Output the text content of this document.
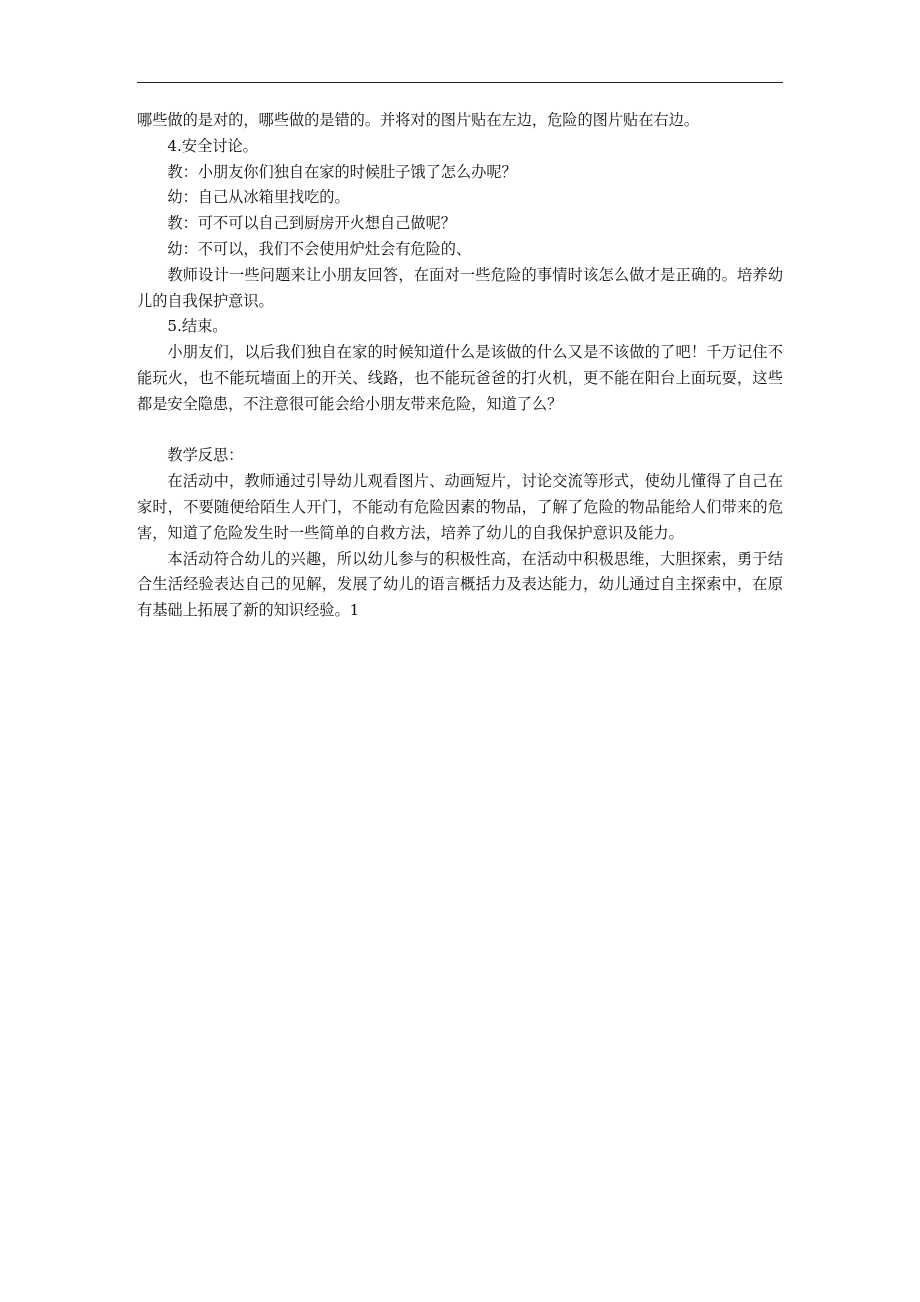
哪些做的是对的，哪些做的是错的。并将对的图片贴在左边，危险的图片贴在右边。

4.安全讨论。

教：小朋友你们独自在家的时候肚子饿了怎么办呢？

幼：自己从冰箱里找吃的。

教：可不可以自己到厨房开火想自己做呢？

幼：不可以，我们不会使用炉灶会有危险的、

教师设计一些问题来让小朋友回答，在面对一些危险的事情时该怎么做才是正确的。培养幼儿的自我保护意识。

5.结束。

小朋友们，以后我们独自在家的时候知道什么是该做的什么又是不该做的了吧！千万记住不能玩火，也不能玩墙面上的开关、线路，也不能玩爸爸的打火机，更不能在阳台上面玩耍，这些都是安全隐患，不注意很可能会给小朋友带来危险，知道了么？

教学反思：

在活动中，教师通过引导幼儿观看图片、动画短片，讨论交流等形式，使幼儿懂得了自己在家时，不要随便给陌生人开门，不能动有危险因素的物品，了解了危险的物品能给人们带来的危害，知道了危险发生时一些简单的自救方法，培养了幼儿的自我保护意识及能力。

本活动符合幼儿的兴趣，所以幼儿参与的积极性高，在活动中积极思维，大胆探索，勇于结合生活经验表达自己的见解，发展了幼儿的语言概括力及表达能力，幼儿通过自主探索中，在原有基础上拓展了新的知识经验。1
